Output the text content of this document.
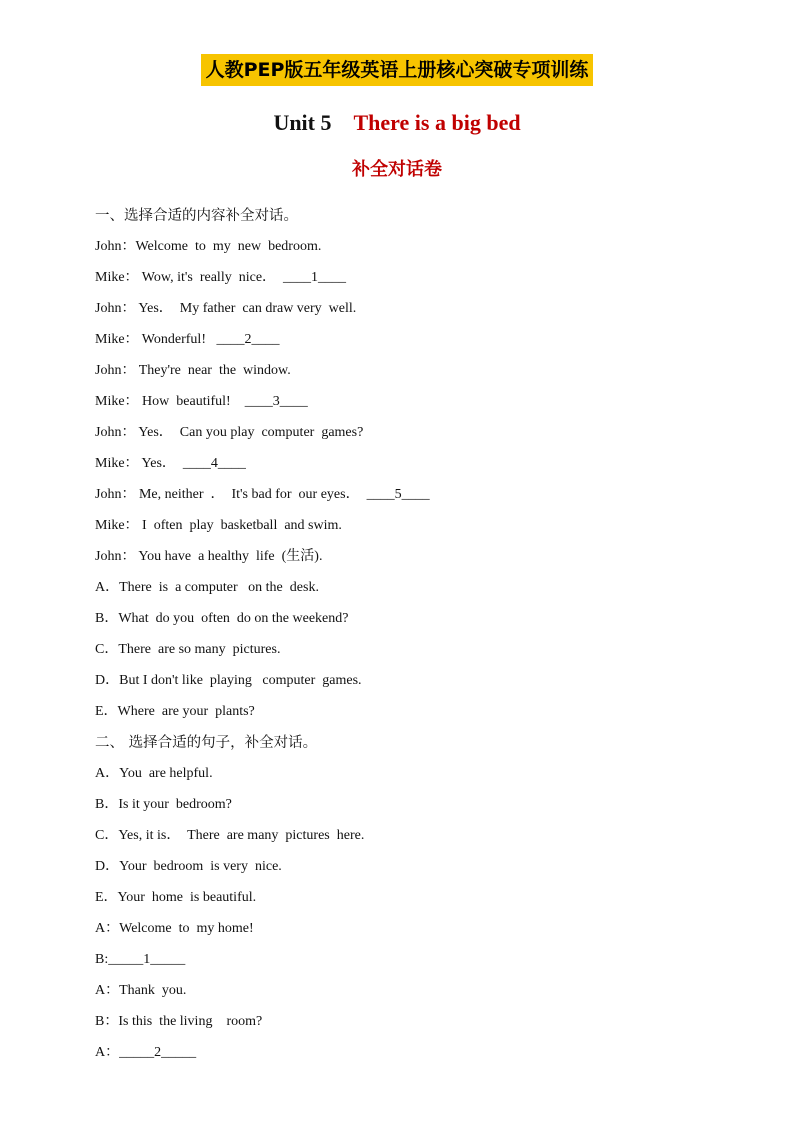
人教PEP版五年级英语上册核心突破专项训练
Unit 5 There is a big bed
补全对话卷
一、选择合适的内容补全对话。
John：Welcome  to  my  new  bedroom.
Mike： Wow, it's  really  nice．  ____1____
John： Yes．  My father  can draw very  well.
Mike： Wonderful!   ____2____
John： They're  near  the  window.
Mike： How  beautiful!    ____3____
John： Yes．  Can you play  computer  games?
Mike： Yes．  ____4____
John： Me, neither  ．  It's bad for  our eyes．  ____5____
Mike： I  often  play  basketball  and swim.
John： You have  a healthy  life  (生活).
A．There  is  a computer   on the  desk.
B．What  do you  often  do on the weekend?
C．There  are so many  pictures.
D．But I don't like  playing   computer  games.
E．Where  are your  plants?
二、 选择合适的句子，补全对话。
A．You  are helpful.
B．Is it your  bedroom?
C．Yes, it is．  There  are many  pictures  here.
D．Your  bedroom  is very  nice.
E．Your  home  is beautiful.
A：Welcome  to  my home!
B:_____1_____
A：Thank  you.
B：Is this  the living    room?
A：_____2_____
